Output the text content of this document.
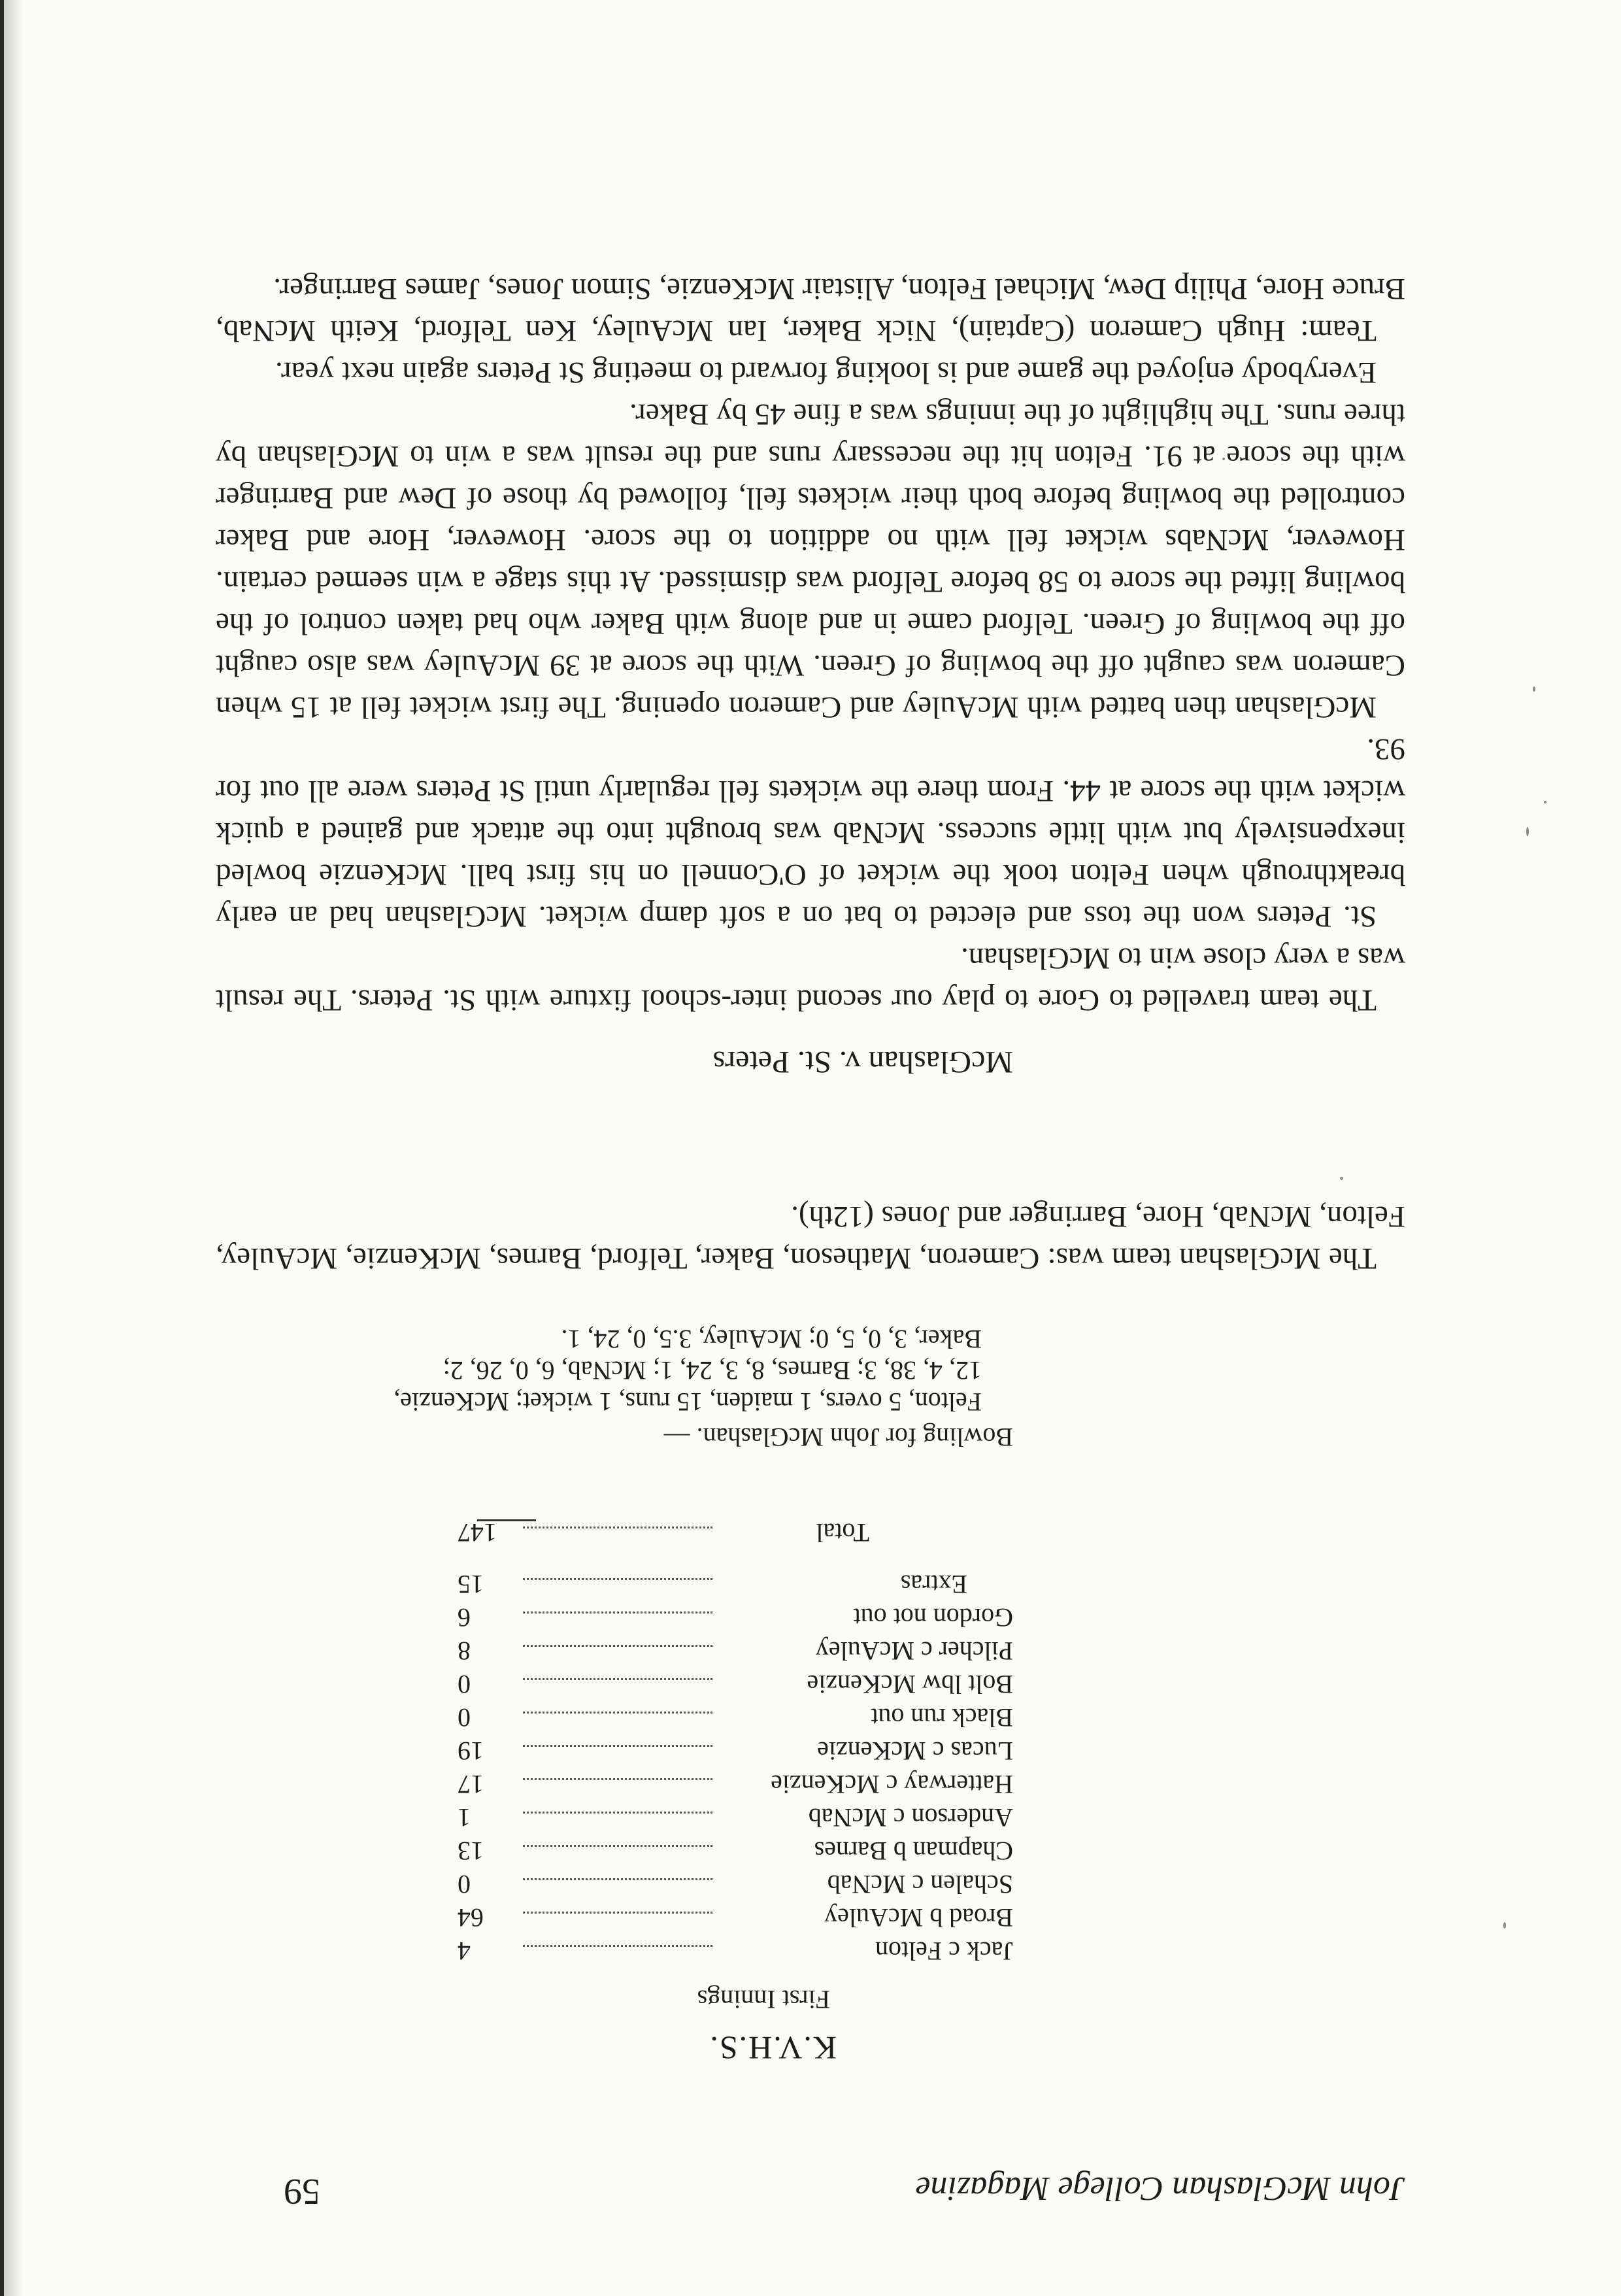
John McGlashan College Magazine
59
K.V.H.S.
First Innings
Jack c Felton
4
Broad b McAuley
64
Schalen c McNab
0
Chapman b Barnes
13
Anderson c McNab
1
Hatterway c McKenzie
17
Lucas c McKenzie
19
Black run out
0
Bolt lbw McKenzie
0
Pilcher c McAuley
8
Gordon not out
6
Extras
15
Total
147

Bowling for John McGlashan. —

Felton, 5 overs, 1 maiden, 15 runs, 1 wicket; McKenzie, 12, 4, 38, 3; Barnes, 8, 3, 24, 1; McNab, 6, 0, 26, 2; Baker, 3, 0, 5, 0; McAuley, 3.5, 0, 24, 1.

The McGlashan team was: Cameron, Matheson, Baker, Telford, Barnes, McKenzie, McAuley, Felton, McNab, Hore, Barringer and Jones (12th).

McGlashan v. St. Peters

The team travelled to Gore to play our second inter-school fixture with St. Peters. The result was a very close win to McGlashan.

St. Peters won the toss and elected to bat on a soft damp wicket. McGlashan had an early breakthrough when Felton took the wicket of O'Connell on his first ball. McKenzie bowled inexpensively but with little success. McNab was brought into the attack and gained a quick wicket with the score at 44. From there the wickets fell regularly until St Peters were all out for 93.

McGlashan then batted with McAuley and Cameron opening. The first wicket fell at 15 when Cameron was caught off the bowling of Green. With the score at 39 McAuley was also caught off the bowling of Green. Telford came in and along with Baker who had taken control of the bowling lifted the score to 58 before Telford was dismissed. At this stage a win seemed certain. However, McNabs wicket fell with no addition to the score. However, Hore and Baker controlled the bowling before both their wickets fell, followed by those of Dew and Barringer with the score at 91. Felton hit the necessary runs and the result was a win to McGlashan by three runs. The highlight of the innings was a fine 45 by Baker.

Everybody enjoyed the game and is looking forward to meeting St Peters again next year.

Team: Hugh Cameron (Captain), Nick Baker, Ian McAuley, Ken Telford, Keith McNab, Bruce Hore, Philip Dew, Michael Felton, Alistair McKenzie, Simon Jones, James Barringer.
